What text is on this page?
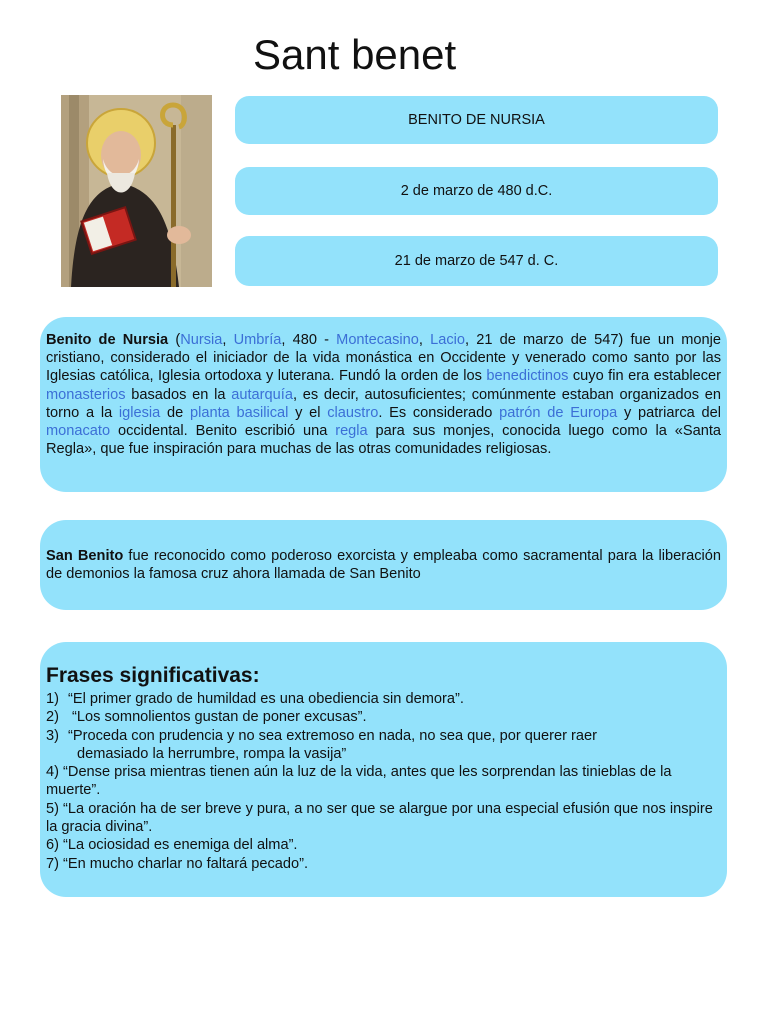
Sant benet
BENITO DE NURSIA
2 de marzo de 480 d.C.
21 de marzo de 547 d. C.

Benito de Nursia (Nursia, Umbría, 480 - Montecasino, Lacio, 21 de marzo de 547) fue un monje cristiano, considerado el iniciador de la vida monástica en Occidente y venerado como santo por las Iglesias católica, Iglesia ortodoxa y luterana. Fundó la orden de los benedictinos cuyo fin era establecer monasterios basados en la autarquía, es decir, autosuficientes; comúnmente estaban organizados en torno a la iglesia de planta basilical y el claustro. Es considerado patrón de Europa y patriarca del monacato occidental. Benito escribió una regla para sus monjes, conocida luego como la «Santa Regla», que fue inspiración para muchas de las otras comunidades religiosas.

San Benito fue reconocido como poderoso exorcista y empleaba como sacramental para la liberación de demonios la famosa cruz ahora llamada de San Benito

Frases significativas:

1) “El primer grado de humildad es una obediencia sin demora”.

2) “Los somnolientos gustan de poner excusas”.

3) “Proceda con prudencia y no sea extremoso en nada, no sea que, por querer raer

demasiado la herrumbre, rompa la vasija”

4) “Dense prisa mientras tienen aún la luz de la vida, antes que les sorprendan las tinieblas de la muerte”.

5) “La oración ha de ser breve y pura, a no ser que se alargue por una especial efusión que nos inspire la gracia divina”.

6) “La ociosidad es enemiga del alma”.

7) “En mucho charlar no faltará pecado”.
